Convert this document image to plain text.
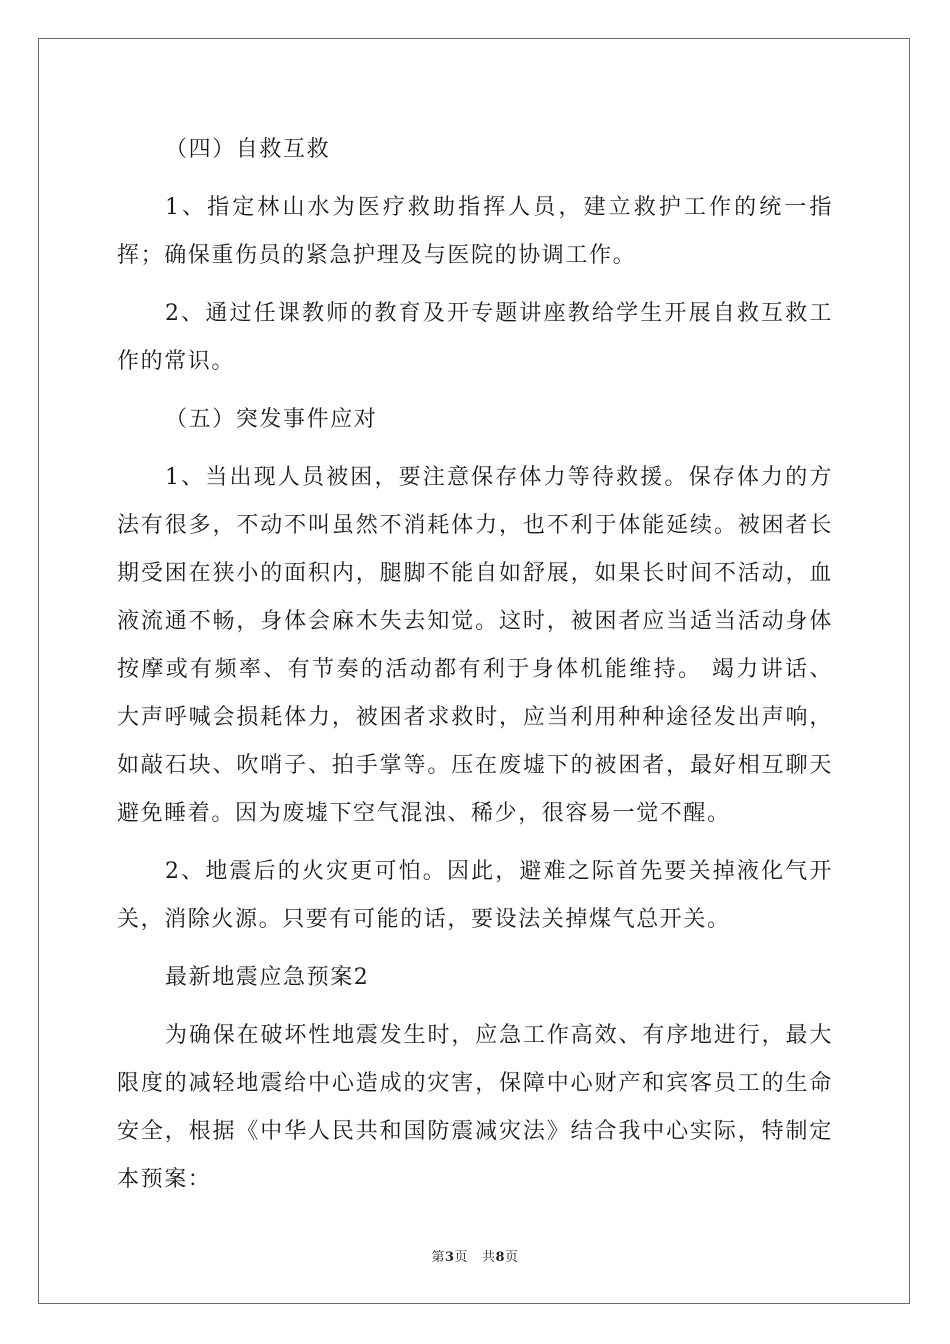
（四）自救互救

1、指定林山水为医疗救助指挥人员，建立救护工作的统一指挥；确保重伤员的紧急护理及与医院的协调工作。

2、通过任课教师的教育及开专题讲座教给学生开展自救互救工作的常识。

（五）突发事件应对

1、当出现人员被困，要注意保存体力等待救援。保存体力的方法有很多，不动不叫虽然不消耗体力，也不利于体能延续。被困者长期受困在狭小的面积内，腿脚不能自如舒展，如果长时间不活动，血液流通不畅，身体会麻木失去知觉。这时，被困者应当适当活动身体按摩或有频率、有节奏的活动都有利于身体机能维持。 竭力讲话、大声呼喊会损耗体力，被困者求救时，应当利用种种途径发出声响，如敲石块、吹哨子、拍手掌等。压在废墟下的被困者，最好相互聊天避免睡着。因为废墟下空气混浊、稀少，很容易一觉不醒。

2、地震后的火灾更可怕。因此，避难之际首先要关掉液化气开关，消除火源。只要有可能的话，要设法关掉煤气总开关。

最新地震应急预案2

为确保在破坏性地震发生时，应急工作高效、有序地进行，最大限度的减轻地震给中心造成的灾害，保障中心财产和宾客员工的生命安全，根据《中华人民共和国防震减灾法》结合我中心实际，特制定本预案：

第3页 共8页
